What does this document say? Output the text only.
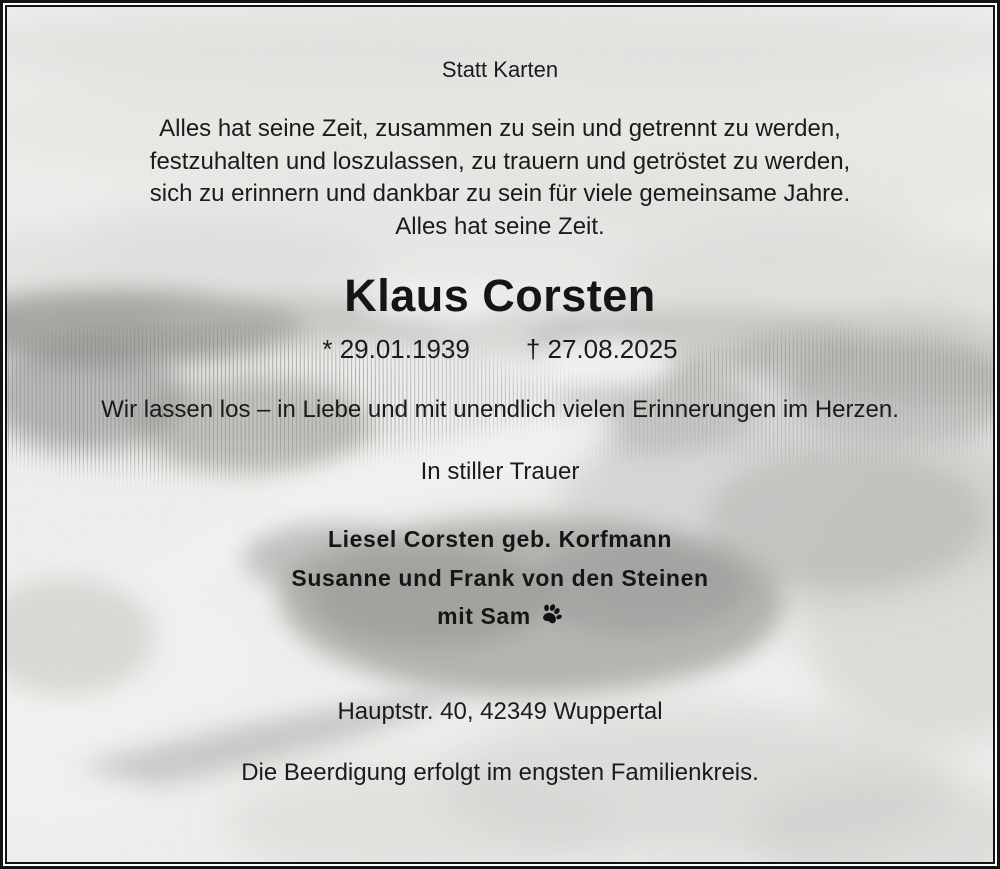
Statt Karten
Alles hat seine Zeit, zusammen zu sein und getrennt zu werden,
festzuhalten und loszulassen, zu trauern und getröstet zu werden,
sich zu erinnern und dankbar zu sein für viele gemeinsame Jahre.
Alles hat seine Zeit.
Klaus Corsten
* 29.01.1939 † 27.08.2025
Wir lassen los – in Liebe und mit unendlich vielen Erinnerungen im Herzen.
In stiller Trauer
Liesel Corsten geb. Korfmann
Susanne und Frank von den Steinen
mit Sam
Hauptstr. 40, 42349 Wuppertal
Die Beerdigung erfolgt im engsten Familienkreis.
